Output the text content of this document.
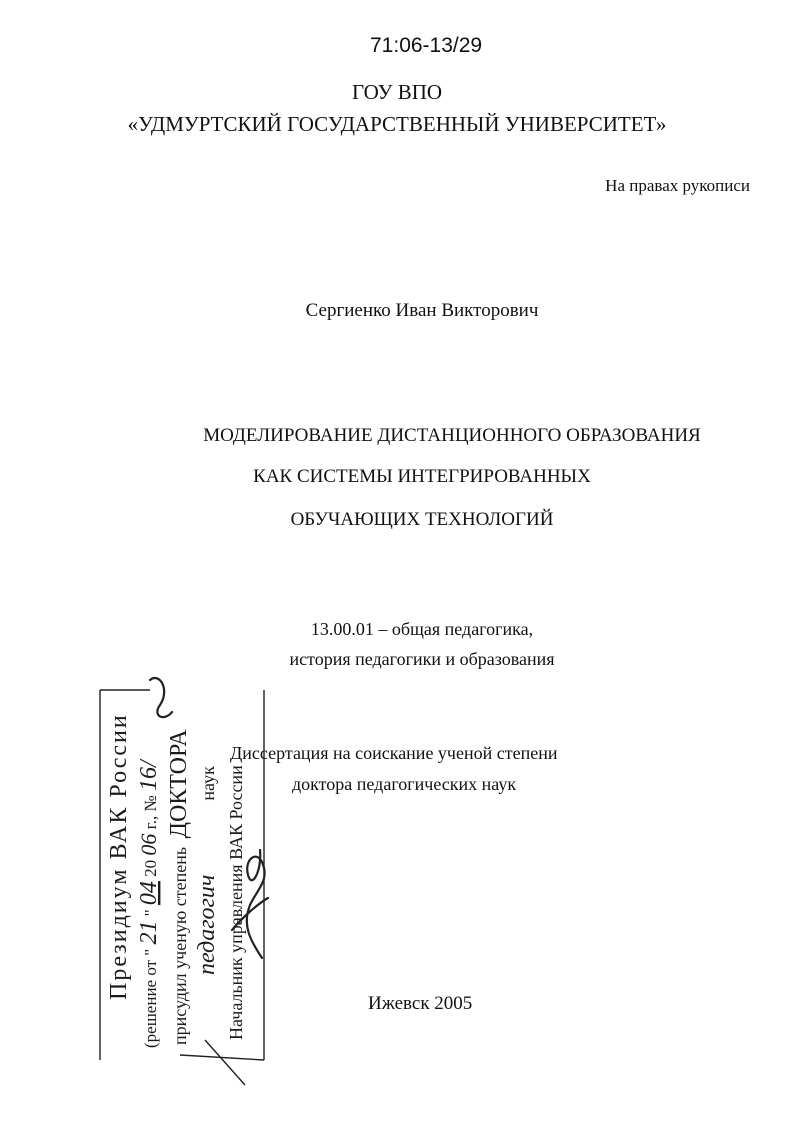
71:06-13/29
ГОУ ВПО
«УДМУРТСКИЙ ГОСУДАРСТВЕННЫЙ УНИВЕРСИТЕТ»
На правах рукописи
Сергиенко Иван Викторович
МОДЕЛИРОВАНИЕ ДИСТАНЦИОННОГО ОБРАЗОВАНИЯ
КАК СИСТЕМЫ ИНТЕГРИРОВАННЫХ
ОБУЧАЮЩИХ ТЕХНОЛОГИЙ
13.00.01 – общая педагогика,
история педагогики и образования
Диссертация на соискание ученой степени
доктора педагогических наук
Ижевск 2005
Президиум ВАК России (решение от " 21 " 04 20 06 г., № 16/
присудил ученую степень ДОКТОРА
педагогич наук Начальник управления ВАК России
